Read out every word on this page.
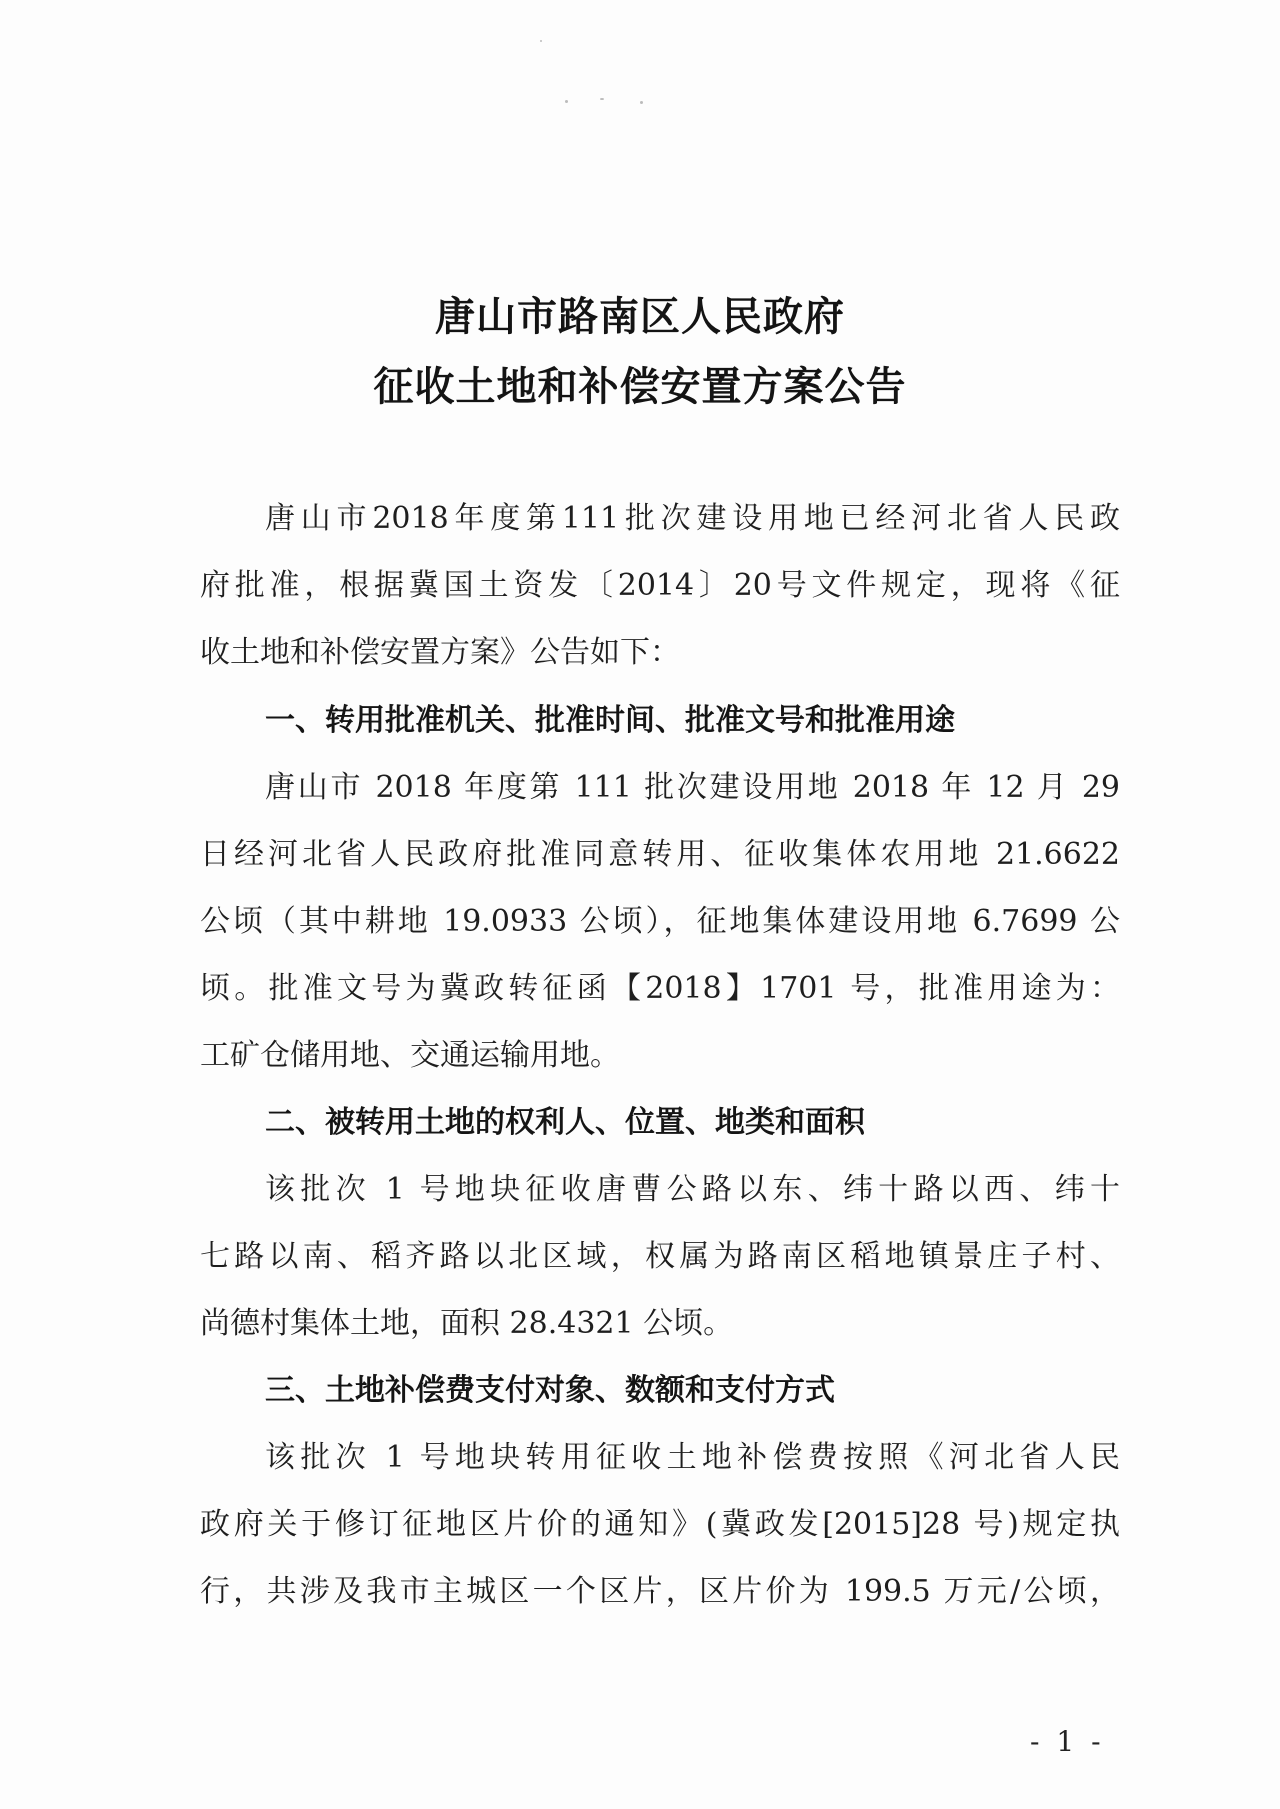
唐山市路南区人民政府
征收土地和补偿安置方案公告

唐山市2018年度第111批次建设用地已经河北省人民政

府批准，根据冀国土资发〔2014〕20号文件规定，现将《征

收土地和补偿安置方案》公告如下：

一、转用批准机关、批准时间、批准文号和批准用途

唐山市 2018 年度第 111 批次建设用地 2018 年 12 月 29

日经河北省人民政府批准同意转用、征收集体农用地 21.6622

公顷（其中耕地 19.0933 公顷），征地集体建设用地 6.7699 公

顷。批准文号为冀政转征函【2018】1701 号，批准用途为：

工矿仓储用地、交通运输用地。

二、被转用土地的权利人、位置、地类和面积

该批次 1 号地块征收唐曹公路以东、纬十路以西、纬十

七路以南、稻齐路以北区域，权属为路南区稻地镇景庄子村、

尚德村集体土地，面积 28.4321 公顷。

三、土地补偿费支付对象、数额和支付方式

该批次 1 号地块转用征收土地补偿费按照《河北省人民

政府关于修订征地区片价的通知》(冀政发[2015]28 号)规定执

行，共涉及我市主城区一个区片，区片价为 199.5 万元/公顷，

- 1 -
